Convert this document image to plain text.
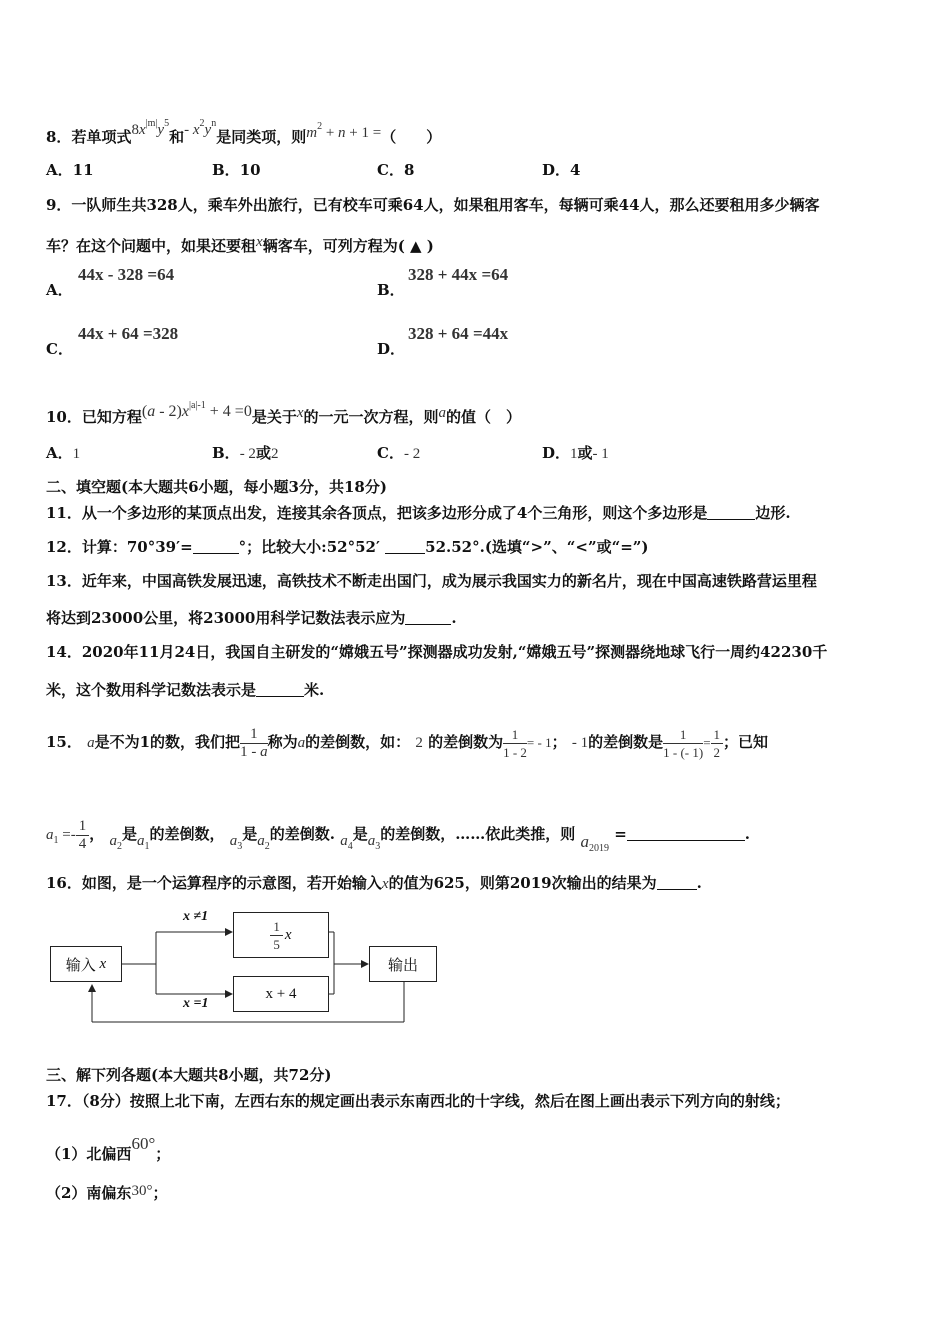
8．若单项式$8x^{|m|}y^5$和- $x^2y^n$是同类项，则$m^2 + n + 1$ =（　　）
A．11	B．10	C．8	D．4
9．一队师生共328人，乘车外出旅行，已有校车可乘64人，如果租用客车，每辆可乘44人，那么还要租用多少辆客
车？在这个问题中，如果还要租x辆客车，可列方程为( ▲ )
A．
44x - 328 =64
B．
328 + 44x =64
C．
44x + 64 =328
D．
328 + 64 =44x
10．已知方程$(a - 2)x^{|a|-1} + 4 =0$是关于x的一元一次方程，则a的值（　）
A．1	B．- 2或2	C．- 2	D．1或- 1
二、填空题(本大题共6小题，每小题3分，共18分)
11．从一个多边形的某顶点出发，连接其余各顶点，把该多边形分成了4个三角形，则这个多边形是	边形.
12．计算：70°39′=	°；比较大小:52°52′	52.52°.(选填“>”、“<”或“=”)
13．近年来，中国高铁发展迅速，高铁技术不断走出国门，成为展示我国实力的新名片，现在中国高速铁路营运里程
将达到23000公里，将23000用科学记数法表示应为	.
14．2020年11月24日，我国自主研发的“嫦娥五号”探测器成功发射,“嫦娥五号”探测器绕地球飞行一周约42230千
米，这个数用科学记数法表示是	米.
15． a是不为1的数，我们把 $\frac{1}{1 - a}$ 称为a的差倒数，如： 2 的差倒数为 $\frac{1}{1 - 2}$ = - 1； - 1的差倒数是 $\frac{1}{1 - (- 1)} = \frac{1}{2}$ ；已知
$a_1 =- \frac{1}{4}$ ， $a_2$是$a_1$的差倒数， $a_3$是$a_2$的差倒数. $a_4$是$a_3$的差倒数，……依此类推，则 $a_{2019}$ =	.
16．如图，是一个运算程序的示意图，若开始输入x的值为625，则第2019次输出的结果为	.
输入 x
$\frac{1}{5}$ x
x + 4
输出
x ≠1
x =1
三、解下列各题(本大题共8小题，共72分)
17．（8分）按照上北下南，左西右东的规定画出表示东南西北的十字线，然后在图上画出表示下列方向的射线；
（1）北偏西60°；
（2）南偏东30°；
